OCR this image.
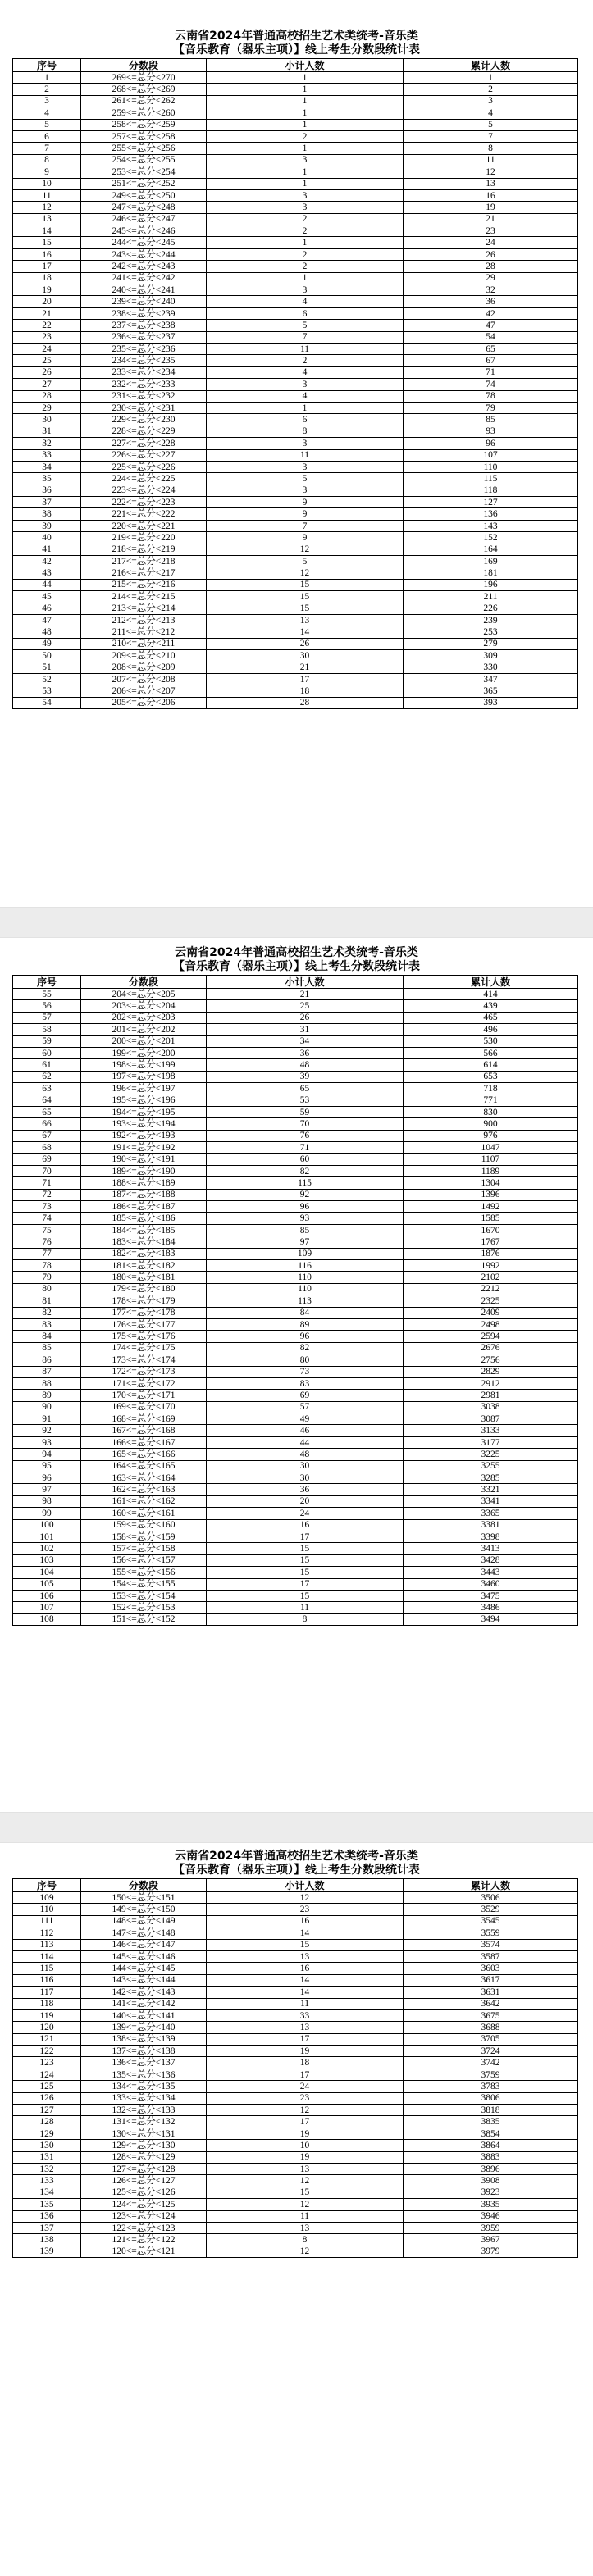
云南省2024年普通高校招生艺术类统考-音乐类
【音乐教育（器乐主项）】线上考生分数段统计表
序号	分数段	小计人数	累计人数
1	269<=总分<270	1	1
2	268<=总分<269	1	2
3	261<=总分<262	1	3
4	259<=总分<260	1	4
5	258<=总分<259	1	5
6	257<=总分<258	2	7
7	255<=总分<256	1	8
8	254<=总分<255	3	11
9	253<=总分<254	1	12
10	251<=总分<252	1	13
11	249<=总分<250	3	16
12	247<=总分<248	3	19
13	246<=总分<247	2	21
14	245<=总分<246	2	23
15	244<=总分<245	1	24
16	243<=总分<244	2	26
17	242<=总分<243	2	28
18	241<=总分<242	1	29
19	240<=总分<241	3	32
20	239<=总分<240	4	36
21	238<=总分<239	6	42
22	237<=总分<238	5	47
23	236<=总分<237	7	54
24	235<=总分<236	11	65
25	234<=总分<235	2	67
26	233<=总分<234	4	71
27	232<=总分<233	3	74
28	231<=总分<232	4	78
29	230<=总分<231	1	79
30	229<=总分<230	6	85
31	228<=总分<229	8	93
32	227<=总分<228	3	96
33	226<=总分<227	11	107
34	225<=总分<226	3	110
35	224<=总分<225	5	115
36	223<=总分<224	3	118
37	222<=总分<223	9	127
38	221<=总分<222	9	136
39	220<=总分<221	7	143
40	219<=总分<220	9	152
41	218<=总分<219	12	164
42	217<=总分<218	5	169
43	216<=总分<217	12	181
44	215<=总分<216	15	196
45	214<=总分<215	15	211
46	213<=总分<214	15	226
47	212<=总分<213	13	239
48	211<=总分<212	14	253
49	210<=总分<211	26	279
50	209<=总分<210	30	309
51	208<=总分<209	21	330
52	207<=总分<208	17	347
53	206<=总分<207	18	365
54	205<=总分<206	28	393
云南省2024年普通高校招生艺术类统考-音乐类
【音乐教育（器乐主项）】线上考生分数段统计表
序号	分数段	小计人数	累计人数
55	204<=总分<205	21	414
56	203<=总分<204	25	439
57	202<=总分<203	26	465
58	201<=总分<202	31	496
59	200<=总分<201	34	530
60	199<=总分<200	36	566
61	198<=总分<199	48	614
62	197<=总分<198	39	653
63	196<=总分<197	65	718
64	195<=总分<196	53	771
65	194<=总分<195	59	830
66	193<=总分<194	70	900
67	192<=总分<193	76	976
68	191<=总分<192	71	1047
69	190<=总分<191	60	1107
70	189<=总分<190	82	1189
71	188<=总分<189	115	1304
72	187<=总分<188	92	1396
73	186<=总分<187	96	1492
74	185<=总分<186	93	1585
75	184<=总分<185	85	1670
76	183<=总分<184	97	1767
77	182<=总分<183	109	1876
78	181<=总分<182	116	1992
79	180<=总分<181	110	2102
80	179<=总分<180	110	2212
81	178<=总分<179	113	2325
82	177<=总分<178	84	2409
83	176<=总分<177	89	2498
84	175<=总分<176	96	2594
85	174<=总分<175	82	2676
86	173<=总分<174	80	2756
87	172<=总分<173	73	2829
88	171<=总分<172	83	2912
89	170<=总分<171	69	2981
90	169<=总分<170	57	3038
91	168<=总分<169	49	3087
92	167<=总分<168	46	3133
93	166<=总分<167	44	3177
94	165<=总分<166	48	3225
95	164<=总分<165	30	3255
96	163<=总分<164	30	3285
97	162<=总分<163	36	3321
98	161<=总分<162	20	3341
99	160<=总分<161	24	3365
100	159<=总分<160	16	3381
101	158<=总分<159	17	3398
102	157<=总分<158	15	3413
103	156<=总分<157	15	3428
104	155<=总分<156	15	3443
105	154<=总分<155	17	3460
106	153<=总分<154	15	3475
107	152<=总分<153	11	3486
108	151<=总分<152	8	3494
云南省2024年普通高校招生艺术类统考-音乐类
【音乐教育（器乐主项）】线上考生分数段统计表
序号	分数段	小计人数	累计人数
109	150<=总分<151	12	3506
110	149<=总分<150	23	3529
111	148<=总分<149	16	3545
112	147<=总分<148	14	3559
113	146<=总分<147	15	3574
114	145<=总分<146	13	3587
115	144<=总分<145	16	3603
116	143<=总分<144	14	3617
117	142<=总分<143	14	3631
118	141<=总分<142	11	3642
119	140<=总分<141	33	3675
120	139<=总分<140	13	3688
121	138<=总分<139	17	3705
122	137<=总分<138	19	3724
123	136<=总分<137	18	3742
124	135<=总分<136	17	3759
125	134<=总分<135	24	3783
126	133<=总分<134	23	3806
127	132<=总分<133	12	3818
128	131<=总分<132	17	3835
129	130<=总分<131	19	3854
130	129<=总分<130	10	3864
131	128<=总分<129	19	3883
132	127<=总分<128	13	3896
133	126<=总分<127	12	3908
134	125<=总分<126	15	3923
135	124<=总分<125	12	3935
136	123<=总分<124	11	3946
137	122<=总分<123	13	3959
138	121<=总分<122	8	3967
139	120<=总分<121	12	3979
